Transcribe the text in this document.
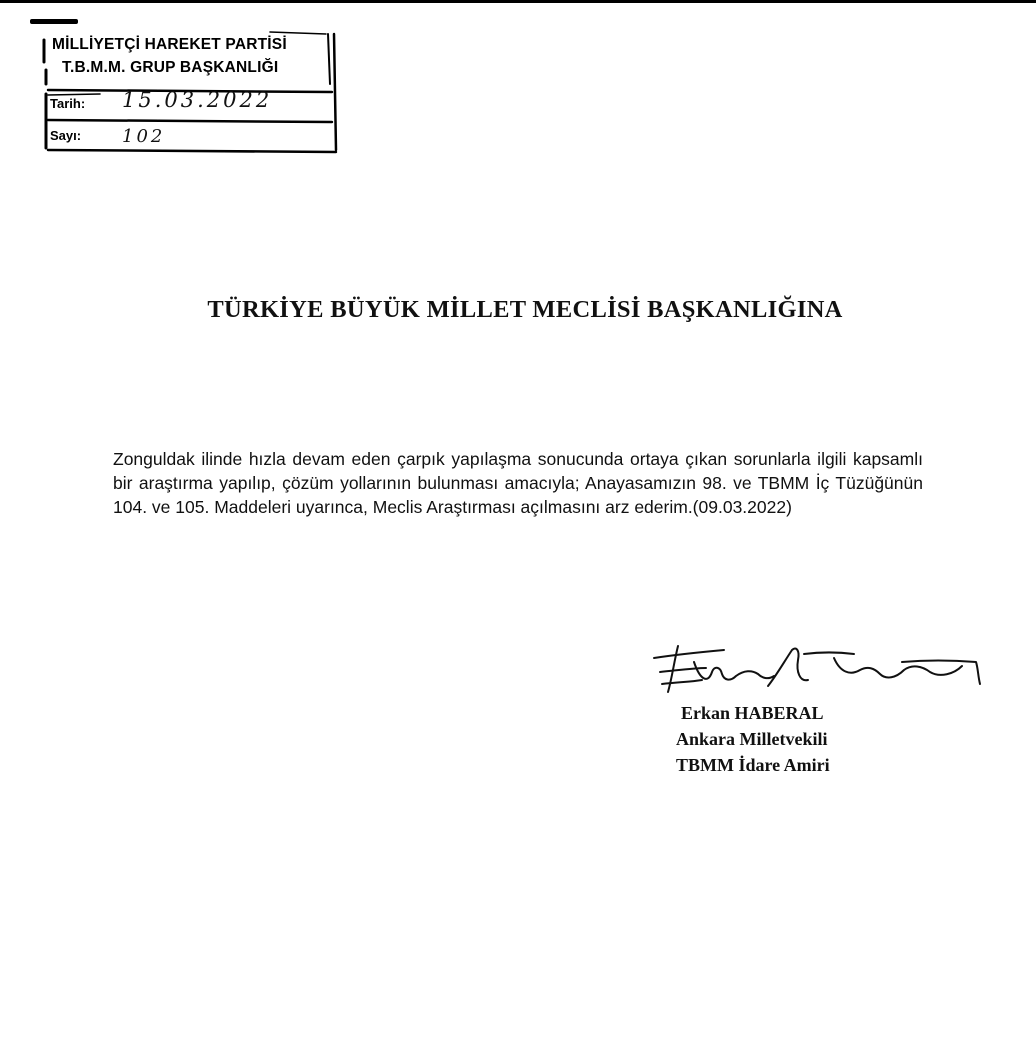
MİLLİYETÇİ HAREKET PARTİSİ
T.B.M.M. GRUP BAŞKANLIĞI
Tarih: 15.03.2022
Sayı: 102
TÜRKİYE BÜYÜK MİLLET MECLİSİ BAŞKANLIĞINA
Zonguldak ilinde hızla devam eden çarpık yapılaşma sonucunda ortaya çıkan sorunlarla ilgili kapsamlı bir araştırma yapılıp, çözüm yollarının bulunması amacıyla; Anayasamızın 98. ve TBMM İç Tüzüğünün 104. ve 105. Maddeleri uyarınca, Meclis Araştırması açılmasını arz ederim.(09.03.2022)
Erkan HABERAL
Ankara Milletvekili
TBMM İdare Amiri
